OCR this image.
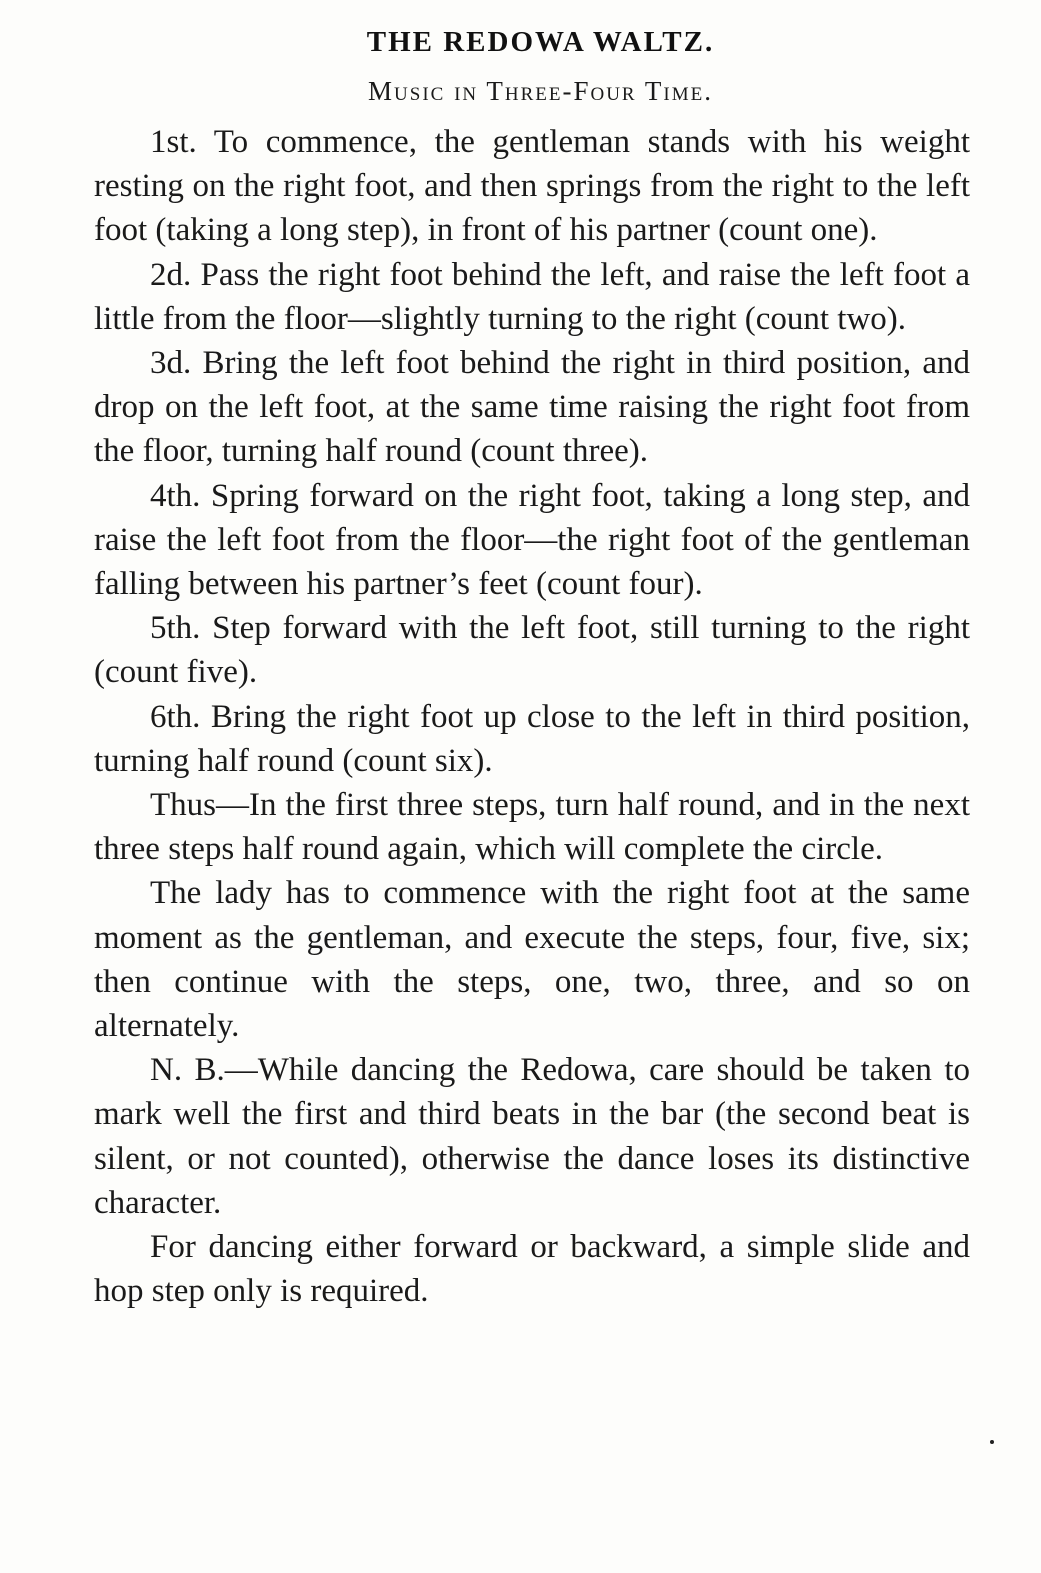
THE REDOWA WALTZ.
Music in Three-Four Time.

1st. To commence, the gentleman stands with his weight resting on the right foot, and then springs from the right to the left foot (taking a long step), in front of his partner (count one).

2d. Pass the right foot behind the left, and raise the left foot a little from the floor—slightly turning to the right (count two).

3d. Bring the left foot behind the right in third position, and drop on the left foot, at the same time raising the right foot from the floor, turning half round (count three).

4th. Spring forward on the right foot, taking a long step, and raise the left foot from the floor—the right foot of the gentleman falling between his partner’s feet (count four).

5th. Step forward with the left foot, still turning to the right (count five).

6th. Bring the right foot up close to the left in third position, turning half round (count six).

Thus—In the first three steps, turn half round, and in the next three steps half round again, which will complete the circle.

The lady has to commence with the right foot at the same moment as the gentleman, and execute the steps, four, five, six; then continue with the steps, one, two, three, and so on alternately.

N. B.—While dancing the Redowa, care should be taken to mark well the first and third beats in the bar (the second beat is silent, or not counted), otherwise the dance loses its distinctive character.

For dancing either forward or backward, a simple slide and hop step only is required.
